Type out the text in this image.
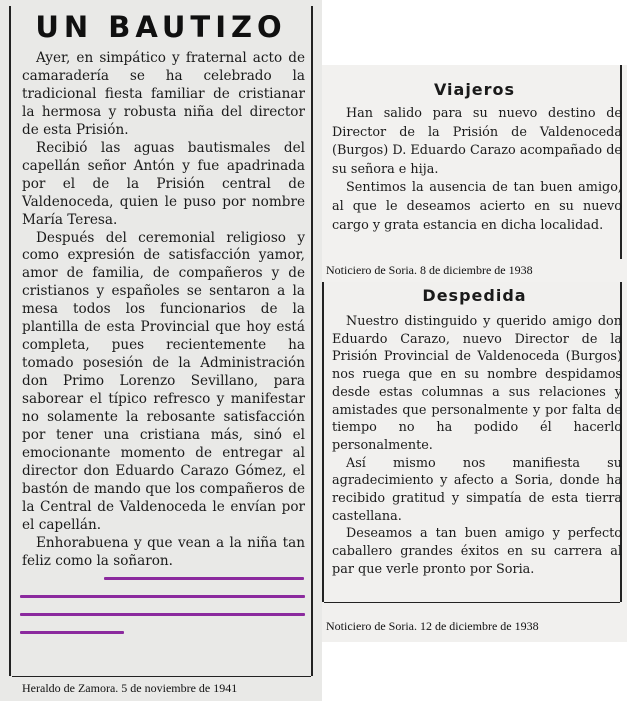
UN BAUTIZO

Ayer, en simpático y fraternal acto de camaradería se ha celebrado la tradicional fiesta familiar de cristianar la hermosa y robusta niña del director de esta Prisión.

Recibió las aguas bautismales del capellán señor Antón y fue apadrinada por el de la Prisión central de Valdenoceda, quien le puso por nombre María Teresa.

Después del ceremonial religioso y como expresión de satisfacción yamor, amor de familia, de compañeros y de cristianos y españoles se sentaron a la mesa todos los funcionarios de la plantilla de esta Provincial que hoy está completa, pues recientemente ha tomado posesión de la Administración don Primo Lorenzo Sevillano, para saborear el típico refresco y manifestar no solamente la rebosante satisfacción por tener una cristiana más, sinó el emocionante momento de entregar al director don Eduardo Carazo Gómez, el bastón de mando que los compañeros de la Central de Valdenoceda le envían por el capellán.

Enhorabuena y que vean a la niña tan feliz como la soñaron.

Heraldo de Zamora. 5 de noviembre de 1941

Viajeros

Han salido para su nuevo destino de Director de la Prisión de Valdenoceda (Burgos) D. Eduardo Carazo acompañado de su señora e hija.

Sentimos la ausencia de tan buen amigo, al que le deseamos acierto en su nuevo cargo y grata estancia en dicha localidad.

Noticiero de Soria. 8 de diciembre de 1938

Despedida

Nuestro distinguido y querido amigo don Eduardo Carazo, nuevo Director de la Prisión Provincial de Valdenoceda (Burgos) nos ruega que en su nombre despidamos desde estas columnas a sus relaciones y amistades que personalmente y por falta de tiempo no ha podido él hacerlo personalmente.

Así mismo nos manifiesta su agradecimiento y afecto a Soria, donde ha recibido gratitud y simpatía de esta tierra castellana.

Deseamos a tan buen amigo y perfecto caballero grandes éxitos en su carrera al par que verle pronto por Soria.

Noticiero de Soria. 12 de diciembre de 1938
